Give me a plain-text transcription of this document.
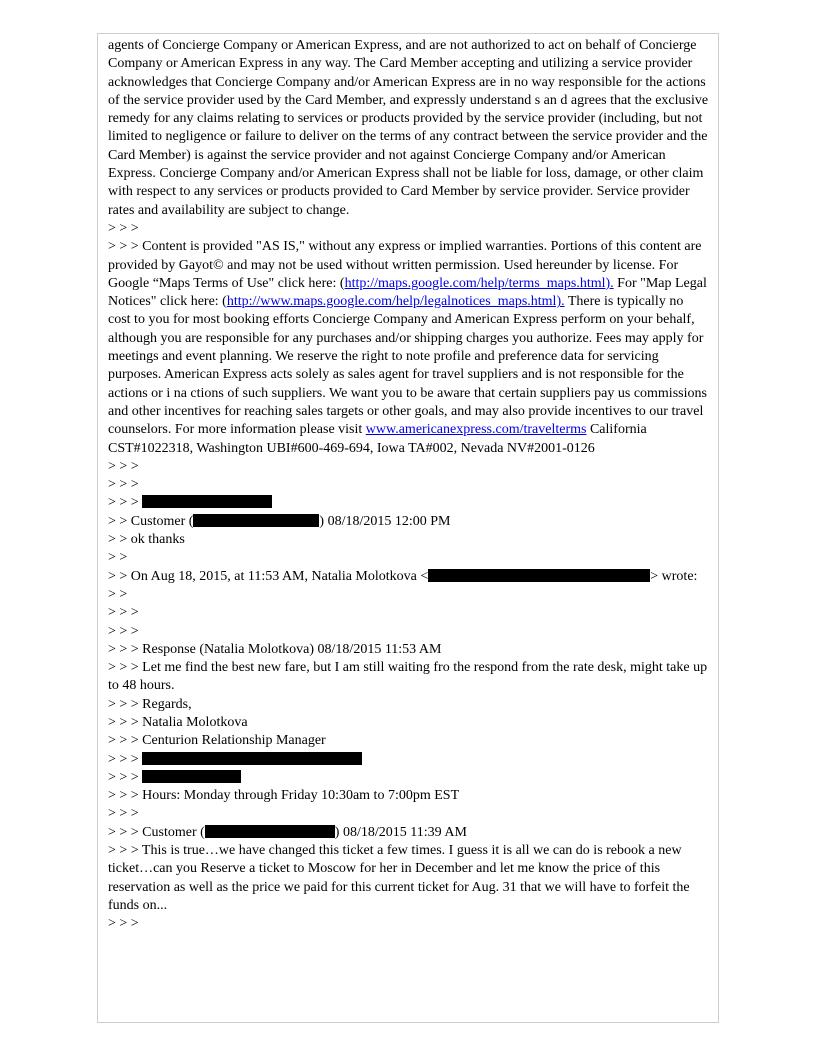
agents of Concierge Company or American Express, and are not authorized to act on behalf of Concierge Company or American Express in any way. The Card Member accepting and utilizing a service provider acknowledges that Concierge Company and/or American Express are in no way responsible for the actions of the service provider used by the Card Member, and expressly understand s an d agrees that the exclusive remedy for any claims relating to services or products provided by the service provider (including, but not limited to negligence or failure to deliver on the terms of any contract between the service provider and the Card Member) is against the service provider and not against Concierge Company and/or American Express. Concierge Company and/or American Express shall not be liable for loss, damage, or other claim with respect to any services or products provided to Card Member by service provider. Service provider rates and availability are subject to change.
> > >
> > > Content is provided "AS IS," without any express or implied warranties. Portions of this content are provided by Gayot© and may not be used without written permission. Used hereunder by license. For Google “Maps Terms of Use" click here: (http://maps.google.com/help/terms_maps.html). For "Map Legal Notices" click here: (http://www.maps.google.com/help/legalnotices_maps.html). There is typically no cost to you for most booking efforts Concierge Company and American Express perform on your behalf, although you are responsible for any purchases and/or shipping charges you authorize. Fees may apply for meetings and event planning. We reserve the right to note profile and preference data for servicing purposes. American Express acts solely as sales agent for travel suppliers and is not responsible for the actions or i na ctions of such suppliers. We want you to be aware that certain suppliers pay us commissions and other incentives for reaching sales targets or other goals, and may also provide incentives to our travel counselors. For more information please visit www.americanexpress.com/travelterms California CST#1022318, Washington UBI#600-469-694, Iowa TA#002, Nevada NV#2001-0126
> > >
> > >
> > >
> > Customer (	) 08/18/2015 12:00 PM
> > ok thanks
> >
> > On Aug 18, 2015, at 11:53 AM, Natalia Molotkova <	> wrote:
> >
> > >
> > >
> > > Response (Natalia Molotkova) 08/18/2015 11:53 AM
> > > Let me find the best new fare, but I am still waiting fro the respond from the rate desk, might take up to 48 hours.
> > > Regards,
> > > Natalia Molotkova
> > > Centurion Relationship Manager
> > >
> > >
> > > Hours: Monday through Friday 10:30am to 7:00pm EST
> > >
> > > Customer (	) 08/18/2015 11:39 AM
> > > This is true…we have changed this ticket a few times. I guess it is all we can do is rebook a new ticket…can you Reserve a ticket to Moscow for her in December and let me know the price of this reservation as well as the price we paid for this current ticket for Aug. 31 that we will have to forfeit the funds on...
> > >
